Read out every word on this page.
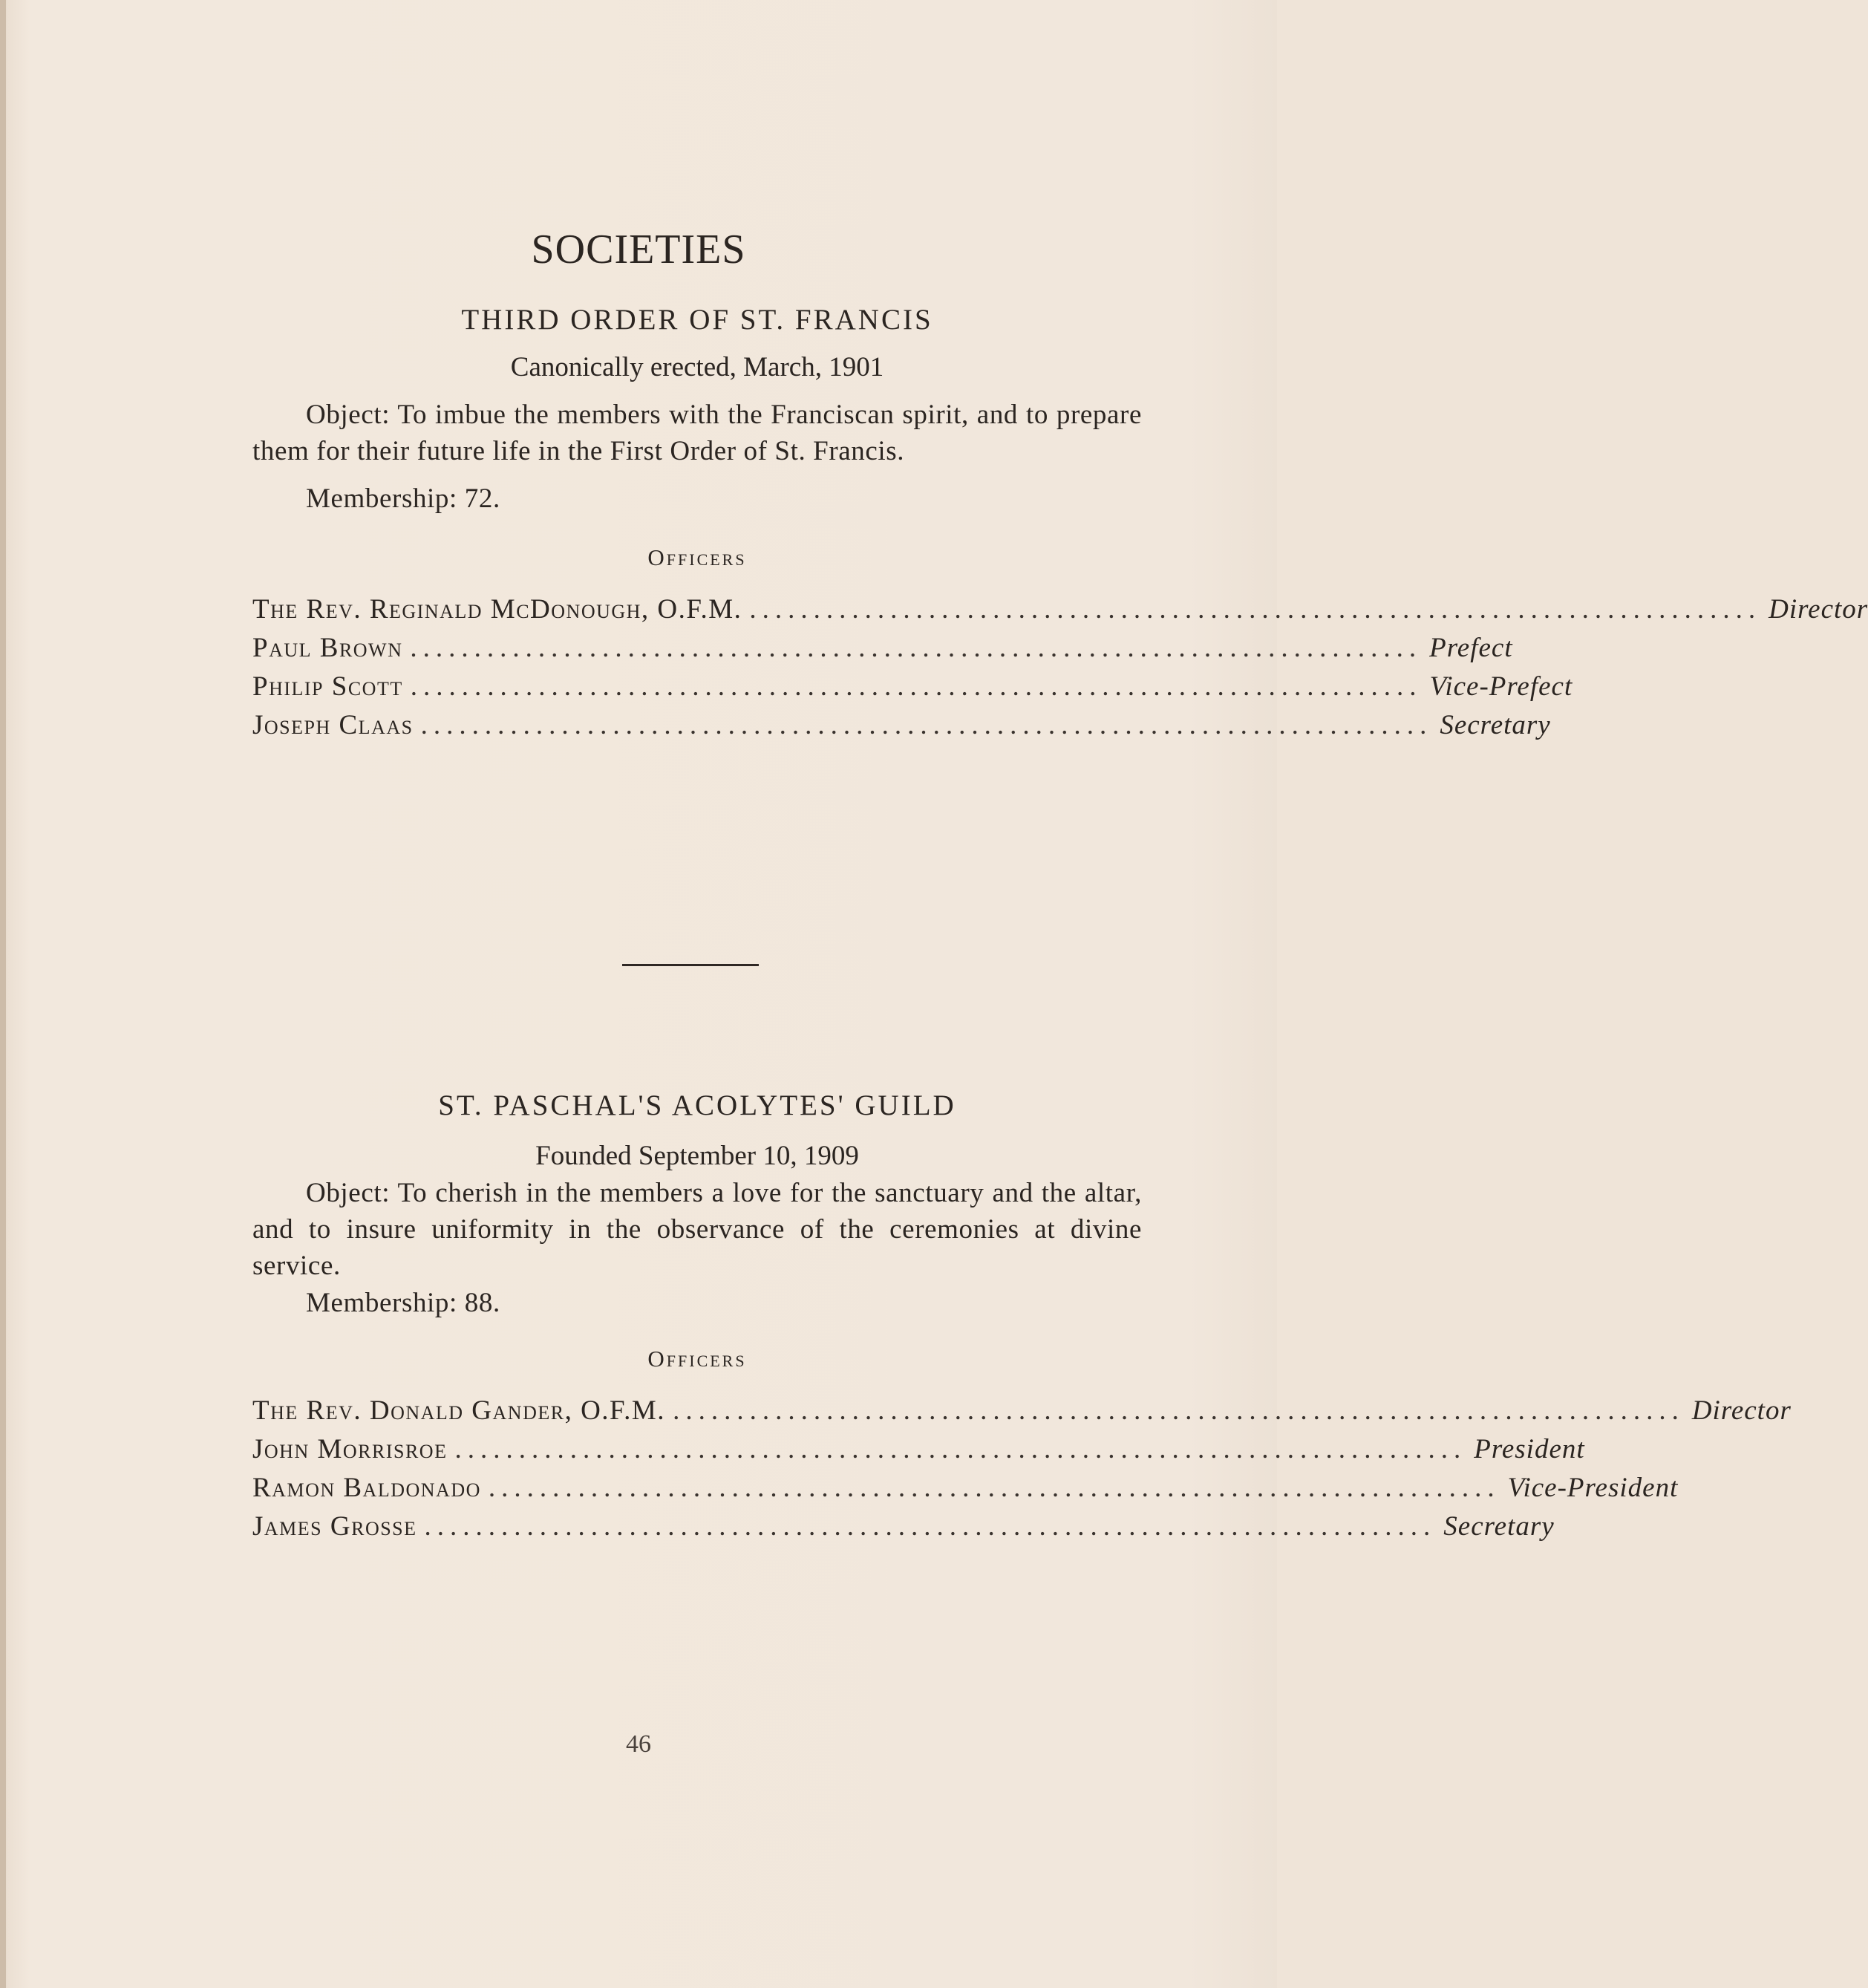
SOCIETIES
THIRD ORDER OF ST. FRANCIS

Canonically erected, March, 1901

Object: To imbue the members with the Franciscan spirit, and to prepare them for their future life in the First Order of St. Francis.

Membership: 72.

Officers

The Rev. Reginald McDonough, O.F.M. ............................................................................... Director
Paul Brown ............................................................................... Prefect
Philip Scott ............................................................................... Vice-Prefect
Joseph Claas ............................................................................... Secretary
ST. PASCHAL'S ACOLYTES' GUILD

Founded September 10, 1909

Object: To cherish in the members a love for the sanctuary and the altar, and to insure uniformity in the observance of the ceremonies at divine service.

Membership: 88.

Officers

The Rev. Donald Gander, O.F.M. ............................................................................... Director
John Morrisroe ............................................................................... President
Ramon Baldonado ............................................................................... Vice-President
James Grosse ............................................................................... Secretary
46
